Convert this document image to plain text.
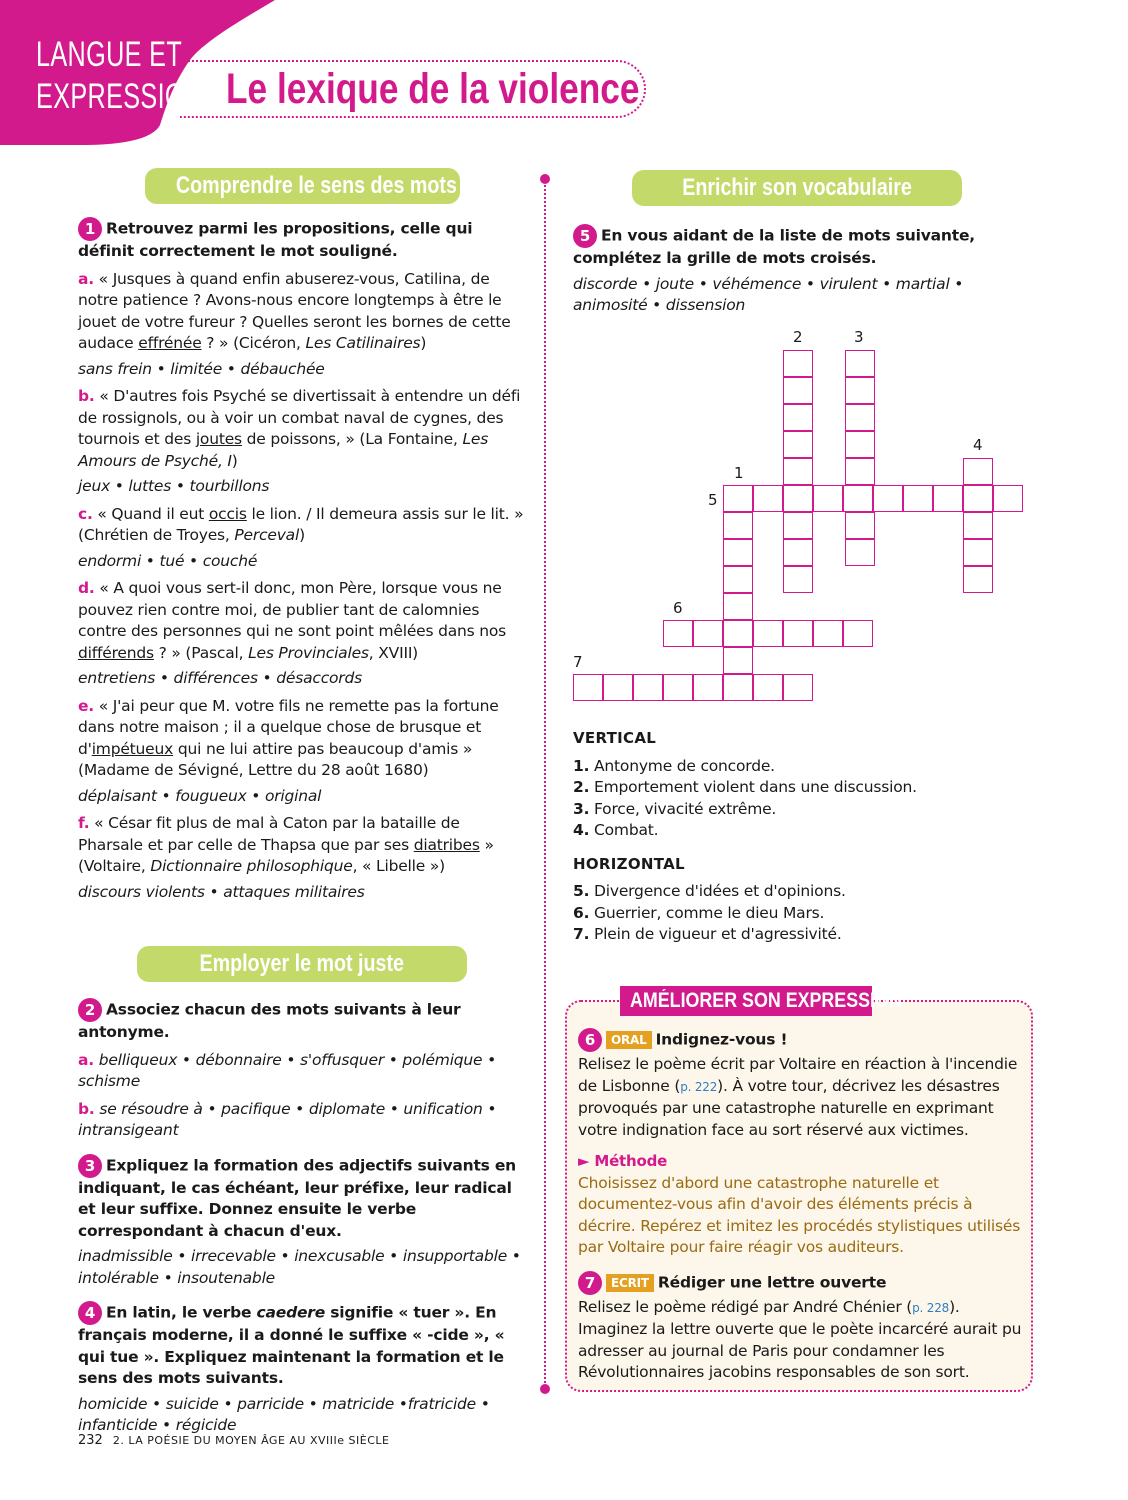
LANGUE ET
EXPRESSION Le lexique de la violence
Comprendre le sens des mots
1 Retrouvez parmi les propositions, celle qui définit correctement le mot souligné.
a. « Jusques à quand enfin abuserez-vous, Catilina, de notre patience ? Avons-nous encore longtemps à être le jouet de votre fureur ? Quelles seront les bornes de cette audace effrénée ? » (Cicéron, Les Catilinaires)
sans frein • limitée • débauchée
b. « D'autres fois Psyché se divertissait à entendre un défi de rossignols, ou à voir un combat naval de cygnes, des tournois et des joutes de poissons, » (La Fontaine, Les Amours de Psyché, I)
jeux • luttes • tourbillons
c. « Quand il eut occis le lion. / Il demeura assis sur le lit. » (Chrétien de Troyes, Perceval)
endormi • tué • couché
d. « A quoi vous sert-il donc, mon Père, lorsque vous ne pouvez rien contre moi, de publier tant de calomnies contre des personnes qui ne sont point mêlées dans nos différends ? » (Pascal, Les Provinciales, XVIII)
entretiens • différences • désaccords
e. « J'ai peur que M. votre fils ne remette pas la fortune dans notre maison ; il a quelque chose de brusque et d'impétueux qui ne lui attire pas beaucoup d'amis » (Madame de Sévigné, Lettre du 28 août 1680)
déplaisant • fougueux • original
f. « César fit plus de mal à Caton par la bataille de Pharsale et par celle de Thapsa que par ses diatribes » (Voltaire, Dictionnaire philosophique, « Libelle »)
discours violents • attaques militaires
Employer le mot juste
2 Associez chacun des mots suivants à leur antonyme.
a. belliqueux • débonnaire • s'offusquer • polémique • schisme
b. se résoudre à • pacifique • diplomate • unification • intransigeant
3 Expliquez la formation des adjectifs suivants en indiquant, le cas échéant, leur préfixe, leur radical et leur suffixe. Donnez ensuite le verbe correspondant à chacun d'eux.
inadmissible • irrecevable • inexcusable • insupportable • intolérable • insoutenable
4 En latin, le verbe caedere signifie « tuer ». En français moderne, il a donné le suffixe « -cide », « qui tue ». Expliquez maintenant la formation et le sens des mots suivants.
homicide • suicide • parricide • matricide •fratricide • infanticide • régicide
Enrichir son vocabulaire
5 En vous aidant de la liste de mots suivante, complétez la grille de mots croisés.
discorde • joute • véhémence • virulent • martial • animosité • dissension
1
2	3
4
5
6
7
VERTICAL
1. Antonyme de concorde.
2. Emportement violent dans une discussion.
3. Force, vivacité extrême.
4. Combat.
HORIZONTAL
5. Divergence d'idées et d'opinions.
6. Guerrier, comme le dieu Mars.
7. Plein de vigueur et d'agressivité.
AMÉLIORER SON EXPRESSION
6 ORAL Indignez-vous !
Relisez le poème écrit par Voltaire en réaction à l'incendie de Lisbonne (p. 222). À votre tour, décrivez les désastres provoqués par une catastrophe naturelle en exprimant votre indignation face au sort réservé aux victimes.
► Méthode
Choisissez d'abord une catastrophe naturelle et documentez-vous afin d'avoir des éléments précis à décrire. Repérez et imitez les procédés stylistiques utilisés par Voltaire pour faire réagir vos auditeurs.
7 ECRIT Rédiger une lettre ouverte
Relisez le poème rédigé par André Chénier (p. 228). Imaginez la lettre ouverte que le poète incarcéré aurait pu adresser au journal de Paris pour condamner les Révolutionnaires jacobins responsables de son sort.
232 2. LA POÉSIE DU MOYEN ÂGE AU XVIIIe SIÈCLE
